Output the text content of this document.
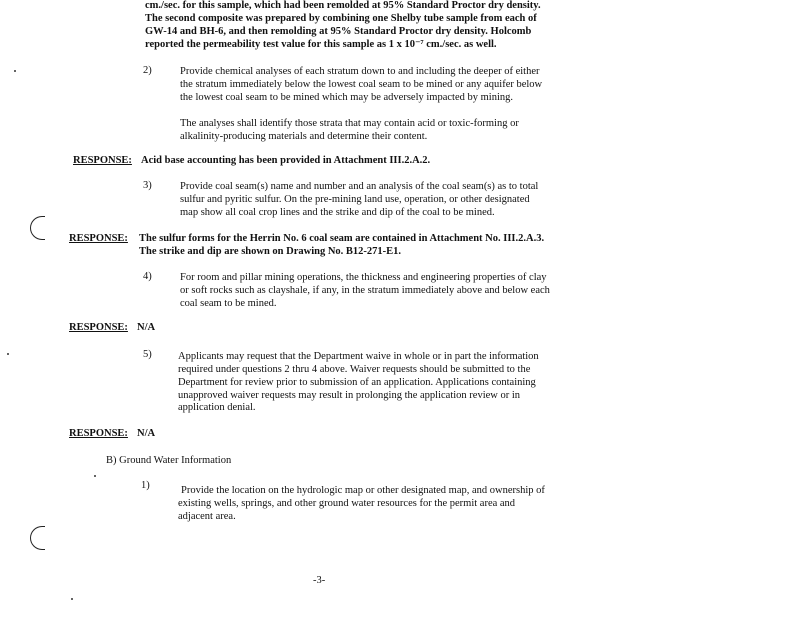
cm./sec. for this sample, which had been remolded at 95% Standard Proctor dry density.
The second composite was prepared by combining one Shelby tube sample from each of
GW-14 and BH-6, and then remolding at 95% Standard Proctor dry density. Holcomb
reported the permeability test value for this sample as 1 x 10⁻⁷ cm./sec. as well.
2)	Provide chemical analyses of each stratum down to and including the deeper of either
the stratum immediately below the lowest coal seam to be mined or any aquifer below
the lowest coal seam to be mined which may be adversely impacted by mining.
The analyses shall identify those strata that may contain acid or toxic-forming or
alkalinity-producing materials and determine their content.
RESPONSE: Acid base accounting has been provided in Attachment III.2.A.2.
3)	Provide coal seam(s) name and number and an analysis of the coal seam(s) as to total
sulfur and pyritic sulfur. On the pre-mining land use, operation, or other designated
map show all coal crop lines and the strike and dip of the coal to be mined.
RESPONSE: The sulfur forms for the Herrin No. 6 coal seam are contained in Attachment No. III.2.A.3.
The strike and dip are shown on Drawing No. B12-271-E1.
4)	For room and pillar mining operations, the thickness and engineering properties of clay
or soft rocks such as clayshale, if any, in the stratum immediately above and below each
coal seam to be mined.
RESPONSE: N/A
5)	Applicants may request that the Department waive in whole or in part the information
required under questions 2 thru 4 above. Waiver requests should be submitted to the
Department for review prior to submission of an application. Applications containing
unapproved waiver requests may result in prolonging the application review or in
application denial.
RESPONSE: N/A
B) Ground Water Information
1)	Provide the location on the hydrologic map or other designated map, and ownership of
existing wells, springs, and other ground water resources for the permit area and
adjacent area.
-3-
